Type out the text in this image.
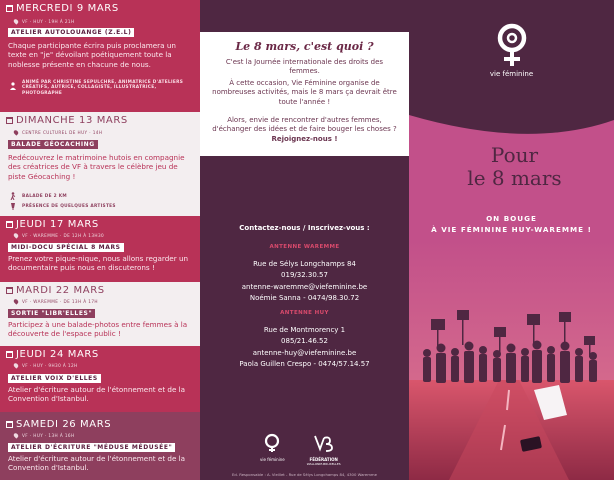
MERCREDI 9 MARS
VF · HUY · 19H À 21H
ATELIER AUTOLOUANGE (Z.E.L)
Chaque participante écrira puis proclamera un texte en "je" dévoilant poétiquement toute la noblesse présente en chacune de nous.
ANIMÉ PAR CHRISTINE SEPULCHRE, ANIMATRICE D'ATELIERS CRÉATIFS, AUTRICE, COLLAGISTE, ILLUSTRATRICE, PHOTOGRAPHE
DIMANCHE 13 MARS
CENTRE CULTUREL DE HUY · 14H
BALADE GÉOCACHING
Redécouvrez le matrimoine hutois en compagnie des créatrices de VF à travers le célèbre jeu de piste Géocaching !
BALADE DE 2 KM
PRÉSENCE DE QUELQUES ARTISTES
JEUDI 17 MARS
VF · WAREMME · DE 12H À 13H30
MIDI-DOCU SPÉCIAL 8 MARS
Prenez votre pique-nique, nous allons regarder un documentaire puis nous en discuterons !
MARDI 22 MARS
VF · WAREMME · DE 13H À 17H
SORTIE "LIBR'ELLES"
Participez à une balade-photos entre femmes à la découverte de l'espace public !
JEUDI 24 MARS
VF · HUY · 9H30 À 12H
ATELIER VOIX D'ELLES
Atelier d'écriture autour de l'étonnement et de la Convention d'Istanbul.
SAMEDI 26 MARS
VF · HUY · 13H À 16H
ATELIER D'ÉCRITURE "MÉDUSE MÉDUSÉE"
Atelier d'écriture autour de l'étonnement et de la Convention d'Istanbul.
Le 8 mars, c'est quoi ?
C'est la Journée internationale des droits des femmes.
À cette occasion, Vie Féminine organise de nombreuses activités, mais le 8 mars ça devrait être toute l'année !
Alors, envie de rencontrer d'autres femmes, d'échanger des idées et de faire bouger les choses ?
Rejoignez-nous !
Contactez-nous / Inscrivez-vous :
ANTENNE WAREMME
Rue de Sélys Longchamps 84
019/32.30.57
antenne-waremme@viefeminine.be
Noémie Sanna - 0474/98.30.72
ANTENNE HUY
Rue de Montmorency 1
085/21.46.52
antenne-huy@viefeminine.be
Paola Guillen Crespo - 0474/57.14.57
vie féminine	FÉDÉRATION
WALLONIE-BRUXELLES
Ed. Responsable : A. Vieillet - Rue de Sélys Longchamps 84, 4300 Waremme
vie féminine
Pour
le 8 mars
ON BOUGE
À VIE FÉMININE HUY-WAREMME !
